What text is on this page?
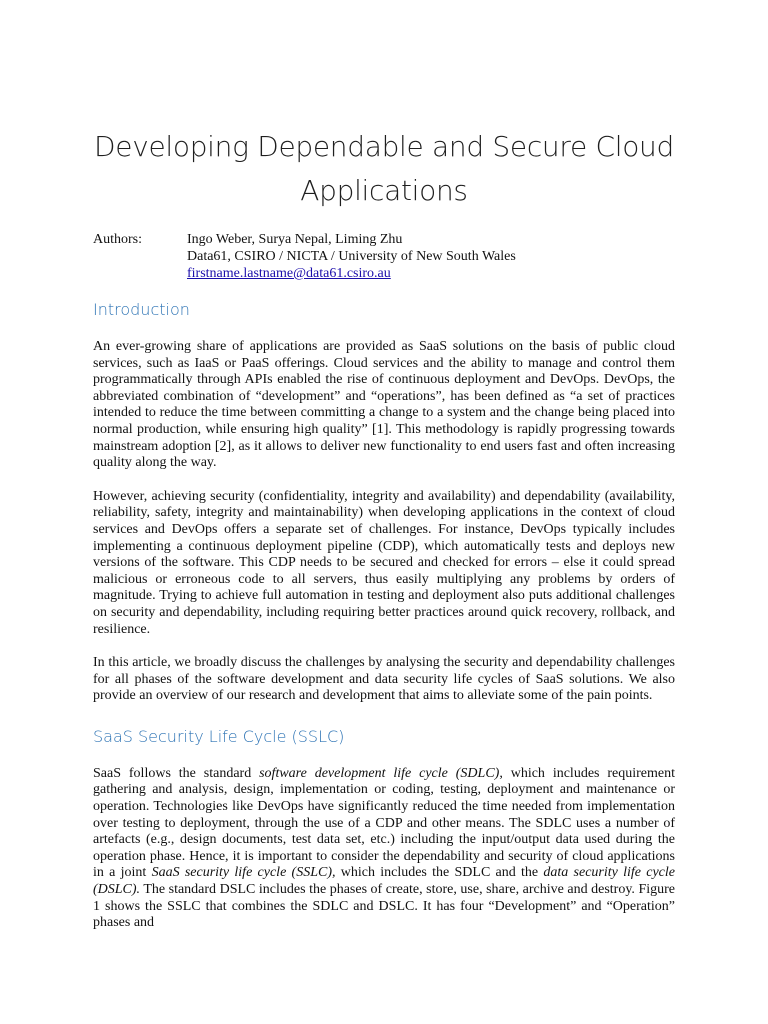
Developing Dependable and Secure Cloud Applications
Authors:	Ingo Weber, Surya Nepal, Liming Zhu
Data61, CSIRO / NICTA / University of New South Wales
firstname.lastname@data61.csiro.au
Introduction

An ever-growing share of applications are provided as SaaS solutions on the basis of public cloud services, such as IaaS or PaaS offerings. Cloud services and the ability to manage and control them programmatically through APIs enabled the rise of continuous deployment and DevOps. DevOps, the abbreviated combination of “development” and “operations”, has been defined as “a set of practices intended to reduce the time between committing a change to a system and the change being placed into normal production, while ensuring high quality” [1]. This methodology is rapidly progressing towards mainstream adoption [2], as it allows to deliver new functionality to end users fast and often increasing quality along the way.

However, achieving security (confidentiality, integrity and availability) and dependability (availability, reliability, safety, integrity and maintainability) when developing applications in the context of cloud services and DevOps offers a separate set of challenges. For instance, DevOps typically includes implementing a continuous deployment pipeline (CDP), which automatically tests and deploys new versions of the software. This CDP needs to be secured and checked for errors – else it could spread malicious or erroneous code to all servers, thus easily multiplying any problems by orders of magnitude. Trying to achieve full automation in testing and deployment also puts additional challenges on security and dependability, including requiring better practices around quick recovery, rollback, and resilience.

In this article, we broadly discuss the challenges by analysing the security and dependability challenges for all phases of the software development and data security life cycles of SaaS solutions. We also provide an overview of our research and development that aims to alleviate some of the pain points.

SaaS Security Life Cycle (SSLC)

SaaS follows the standard software development life cycle (SDLC), which includes requirement gathering and analysis, design, implementation or coding, testing, deployment and maintenance or operation. Technologies like DevOps have significantly reduced the time needed from implementation over testing to deployment, through the use of a CDP and other means. The SDLC uses a number of artefacts (e.g., design documents, test data set, etc.) including the input/output data used during the operation phase. Hence, it is important to consider the dependability and security of cloud applications in a joint SaaS security life cycle (SSLC), which includes the SDLC and the data security life cycle (DSLC). The standard DSLC includes the phases of create, store, use, share, archive and destroy. Figure 1 shows the SSLC that combines the SDLC and DSLC. It has four “Development” and “Operation” phases and
